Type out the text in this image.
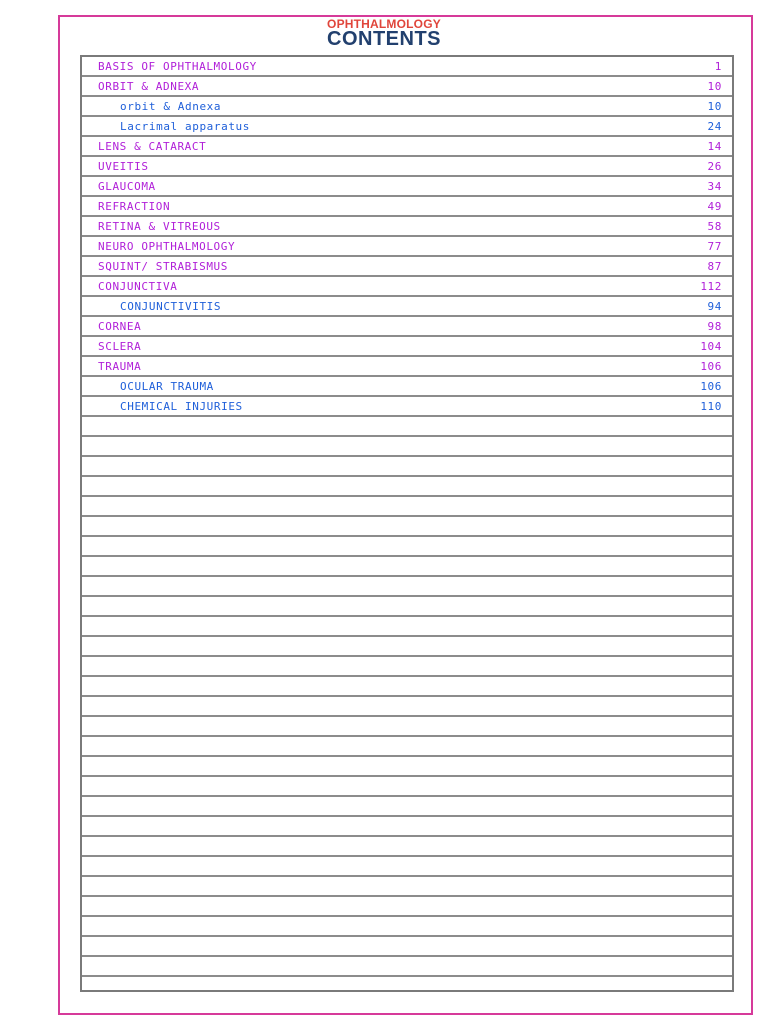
OPHTHALMOLOGY
CONTENTS
BASIS OF OPHTHALMOLOGY	1
ORBIT & ADNEXA	10
orbit & Adnexa	10
Lacrimal apparatus	24
LENS & CATARACT	14
UVEITIS	26
GLAUCOMA	34
REFRACTION	49
RETINA & VITREOUS	58
NEURO OPHTHALMOLOGY	77
SQUINT/ STRABISMUS	87
CONJUNCTIVA	112
CONJUNCTIVITIS	94
CORNEA	98
SCLERA	104
TRAUMA	106
OCULAR TRAUMA	106
CHEMICAL INJURIES	110
